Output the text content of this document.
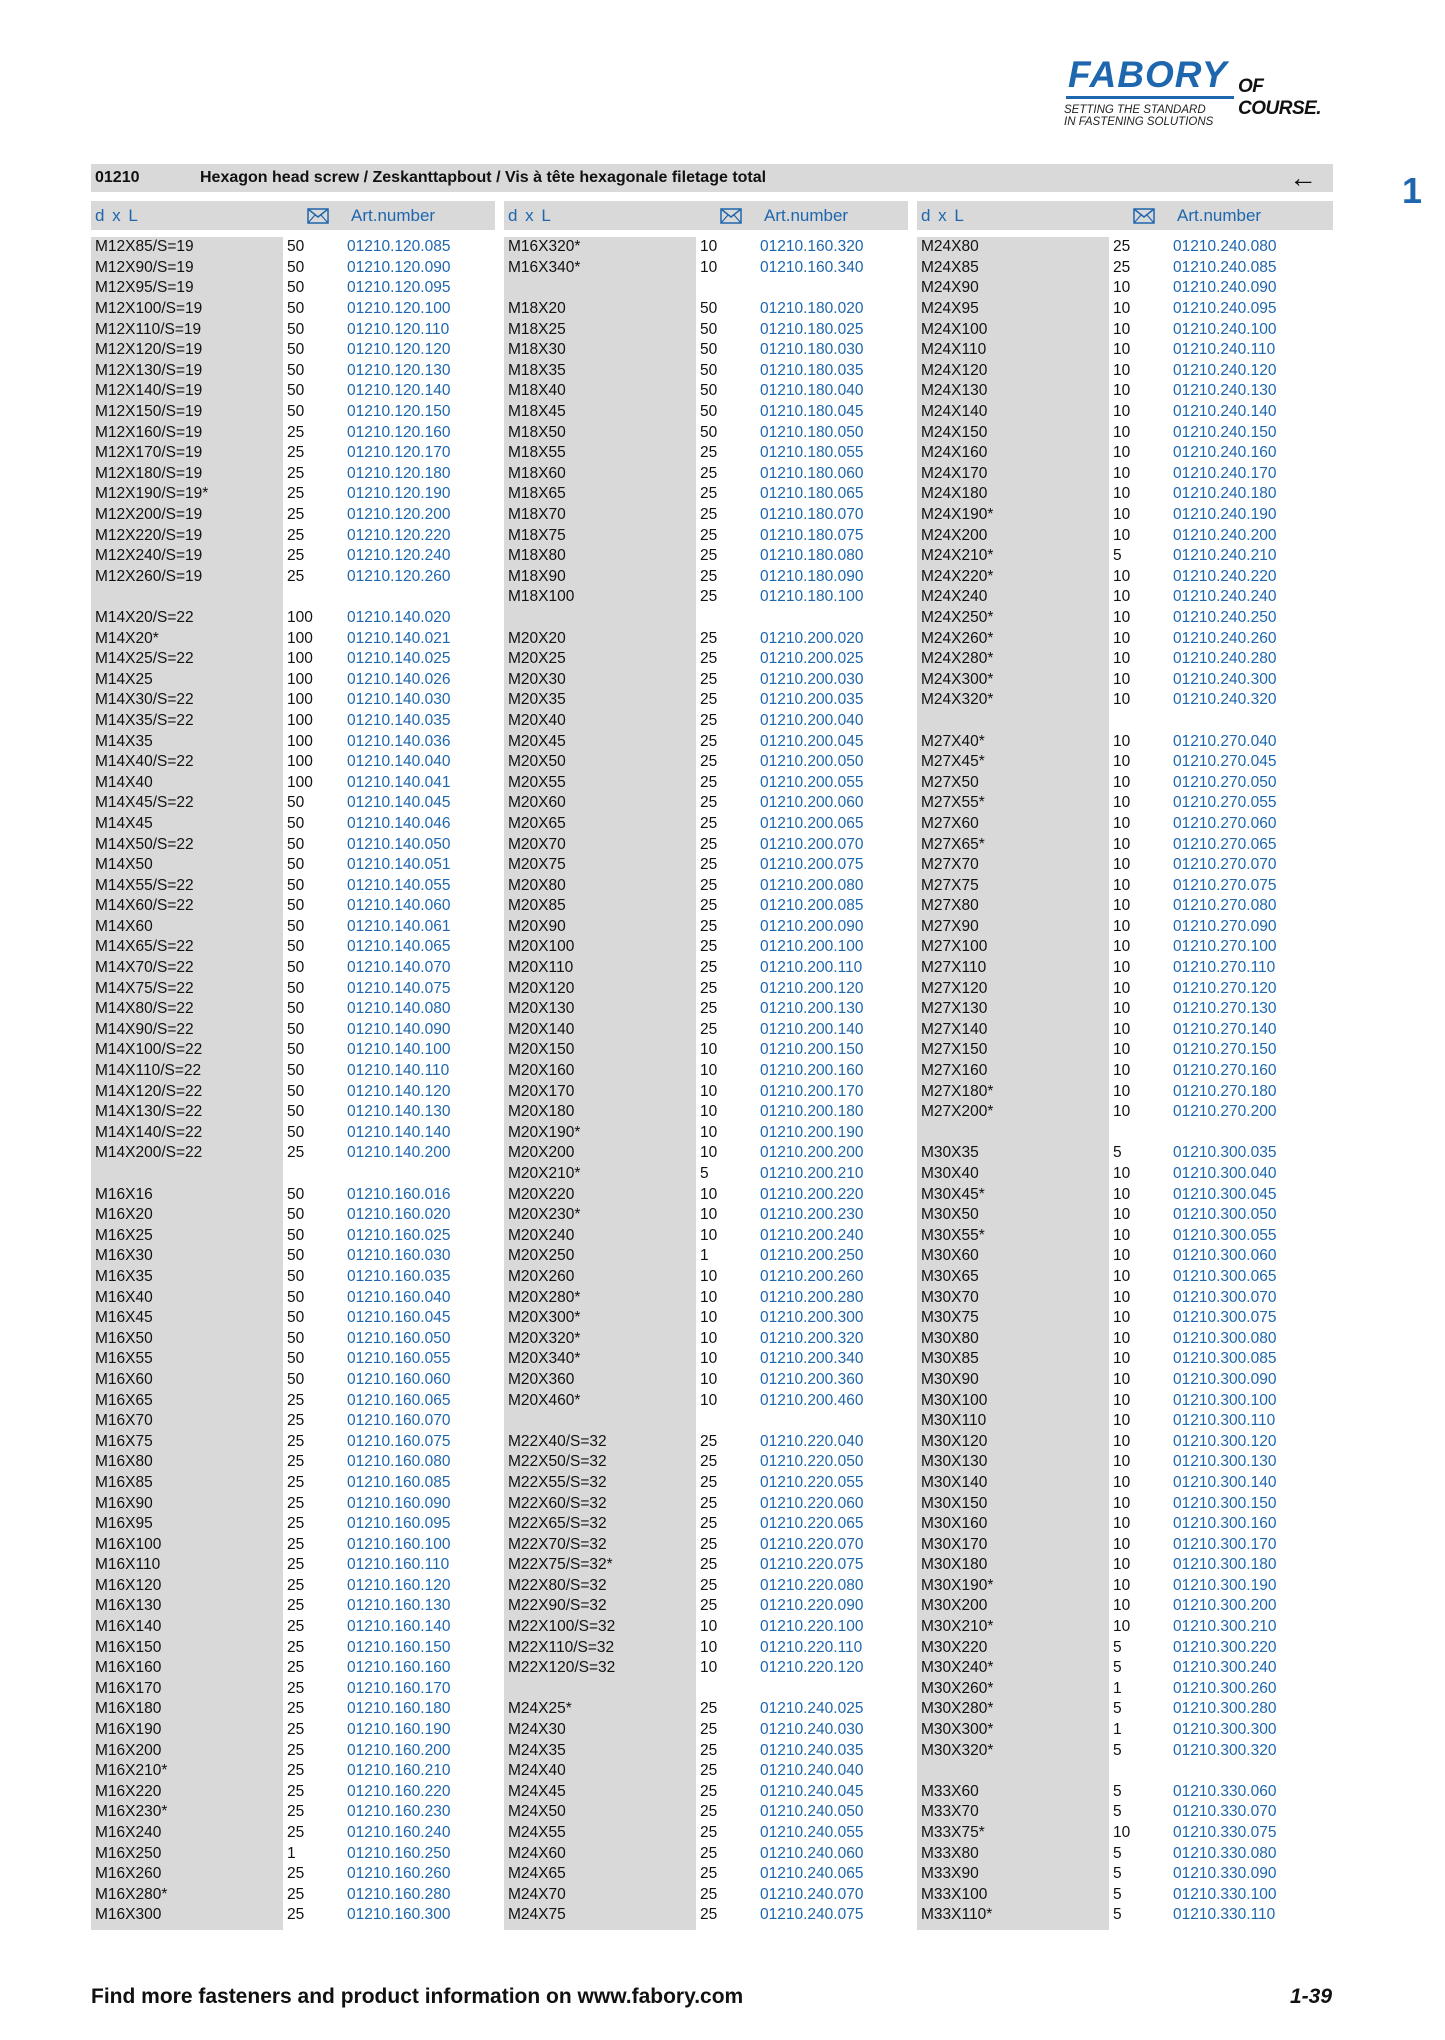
FABORY OF COURSE.
SETTING THE STANDARD
IN FASTENING SOLUTIONS
1
01210	Hexagon head screw / Zeskanttapbout / Vis à tête hexagonale filetage total	←
d x L	Art.number	d x L	Art.number	d x L	Art.number
M12X85/S=19	50	01210.120.085
M12X90/S=19	50	01210.120.090
M12X95/S=19	50	01210.120.095
M12X100/S=19	50	01210.120.100
M12X110/S=19	50	01210.120.110
M12X120/S=19	50	01210.120.120
M12X130/S=19	50	01210.120.130
M12X140/S=19	50	01210.120.140
M12X150/S=19	50	01210.120.150
M12X160/S=19	25	01210.120.160
M12X170/S=19	25	01210.120.170
M12X180/S=19	25	01210.120.180
M12X190/S=19*	25	01210.120.190
M12X200/S=19	25	01210.120.200
M12X220/S=19	25	01210.120.220
M12X240/S=19	25	01210.120.240
M12X260/S=19	25	01210.120.260
M14X20/S=22	100	01210.140.020
M14X20*	100	01210.140.021
M14X25/S=22	100	01210.140.025
M14X25	100	01210.140.026
M14X30/S=22	100	01210.140.030
M14X35/S=22	100	01210.140.035
M14X35	100	01210.140.036
M14X40/S=22	100	01210.140.040
M14X40	100	01210.140.041
M14X45/S=22	50	01210.140.045
M14X45	50	01210.140.046
M14X50/S=22	50	01210.140.050
M14X50	50	01210.140.051
M14X55/S=22	50	01210.140.055
M14X60/S=22	50	01210.140.060
M14X60	50	01210.140.061
M14X65/S=22	50	01210.140.065
M14X70/S=22	50	01210.140.070
M14X75/S=22	50	01210.140.075
M14X80/S=22	50	01210.140.080
M14X90/S=22	50	01210.140.090
M14X100/S=22	50	01210.140.100
M14X110/S=22	50	01210.140.110
M14X120/S=22	50	01210.140.120
M14X130/S=22	50	01210.140.130
M14X140/S=22	50	01210.140.140
M14X200/S=22	25	01210.140.200
M16X16	50	01210.160.016
M16X20	50	01210.160.020
M16X25	50	01210.160.025
M16X30	50	01210.160.030
M16X35	50	01210.160.035
M16X40	50	01210.160.040
M16X45	50	01210.160.045
M16X50	50	01210.160.050
M16X55	50	01210.160.055
M16X60	50	01210.160.060
M16X65	25	01210.160.065
M16X70	25	01210.160.070
M16X75	25	01210.160.075
M16X80	25	01210.160.080
M16X85	25	01210.160.085
M16X90	25	01210.160.090
M16X95	25	01210.160.095
M16X100	25	01210.160.100
M16X110	25	01210.160.110
M16X120	25	01210.160.120
M16X130	25	01210.160.130
M16X140	25	01210.160.140
M16X150	25	01210.160.150
M16X160	25	01210.160.160
M16X170	25	01210.160.170
M16X180	25	01210.160.180
M16X190	25	01210.160.190
M16X200	25	01210.160.200
M16X210*	25	01210.160.210
M16X220	25	01210.160.220
M16X230*	25	01210.160.230
M16X240	25	01210.160.240
M16X250	1	01210.160.250
M16X260	25	01210.160.260
M16X280*	25	01210.160.280
M16X300	25	01210.160.300
M16X320*	10	01210.160.320
M16X340*	10	01210.160.340
M18X20	50	01210.180.020
M18X25	50	01210.180.025
M18X30	50	01210.180.030
M18X35	50	01210.180.035
M18X40	50	01210.180.040
M18X45	50	01210.180.045
M18X50	50	01210.180.050
M18X55	25	01210.180.055
M18X60	25	01210.180.060
M18X65	25	01210.180.065
M18X70	25	01210.180.070
M18X75	25	01210.180.075
M18X80	25	01210.180.080
M18X90	25	01210.180.090
M18X100	25	01210.180.100
M20X20	25	01210.200.020
M20X25	25	01210.200.025
M20X30	25	01210.200.030
M20X35	25	01210.200.035
M20X40	25	01210.200.040
M20X45	25	01210.200.045
M20X50	25	01210.200.050
M20X55	25	01210.200.055
M20X60	25	01210.200.060
M20X65	25	01210.200.065
M20X70	25	01210.200.070
M20X75	25	01210.200.075
M20X80	25	01210.200.080
M20X85	25	01210.200.085
M20X90	25	01210.200.090
M20X100	25	01210.200.100
M20X110	25	01210.200.110
M20X120	25	01210.200.120
M20X130	25	01210.200.130
M20X140	25	01210.200.140
M20X150	10	01210.200.150
M20X160	10	01210.200.160
M20X170	10	01210.200.170
M20X180	10	01210.200.180
M20X190*	10	01210.200.190
M20X200	10	01210.200.200
M20X210*	5	01210.200.210
M20X220	10	01210.200.220
M20X230*	10	01210.200.230
M20X240	10	01210.200.240
M20X250	1	01210.200.250
M20X260	10	01210.200.260
M20X280*	10	01210.200.280
M20X300*	10	01210.200.300
M20X320*	10	01210.200.320
M20X340*	10	01210.200.340
M20X360	10	01210.200.360
M20X460*	10	01210.200.460
M22X40/S=32	25	01210.220.040
M22X50/S=32	25	01210.220.050
M22X55/S=32	25	01210.220.055
M22X60/S=32	25	01210.220.060
M22X65/S=32	25	01210.220.065
M22X70/S=32	25	01210.220.070
M22X75/S=32*	25	01210.220.075
M22X80/S=32	25	01210.220.080
M22X90/S=32	25	01210.220.090
M22X100/S=32	10	01210.220.100
M22X110/S=32	10	01210.220.110
M22X120/S=32	10	01210.220.120
M24X25*	25	01210.240.025
M24X30	25	01210.240.030
M24X35	25	01210.240.035
M24X40	25	01210.240.040
M24X45	25	01210.240.045
M24X50	25	01210.240.050
M24X55	25	01210.240.055
M24X60	25	01210.240.060
M24X65	25	01210.240.065
M24X70	25	01210.240.070
M24X75	25	01210.240.075
M24X80	25	01210.240.080
M24X85	25	01210.240.085
M24X90	10	01210.240.090
M24X95	10	01210.240.095
M24X100	10	01210.240.100
M24X110	10	01210.240.110
M24X120	10	01210.240.120
M24X130	10	01210.240.130
M24X140	10	01210.240.140
M24X150	10	01210.240.150
M24X160	10	01210.240.160
M24X170	10	01210.240.170
M24X180	10	01210.240.180
M24X190*	10	01210.240.190
M24X200	10	01210.240.200
M24X210*	5	01210.240.210
M24X220*	10	01210.240.220
M24X240	10	01210.240.240
M24X250*	10	01210.240.250
M24X260*	10	01210.240.260
M24X280*	10	01210.240.280
M24X300*	10	01210.240.300
M24X320*	10	01210.240.320
M27X40*	10	01210.270.040
M27X45*	10	01210.270.045
M27X50	10	01210.270.050
M27X55*	10	01210.270.055
M27X60	10	01210.270.060
M27X65*	10	01210.270.065
M27X70	10	01210.270.070
M27X75	10	01210.270.075
M27X80	10	01210.270.080
M27X90	10	01210.270.090
M27X100	10	01210.270.100
M27X110	10	01210.270.110
M27X120	10	01210.270.120
M27X130	10	01210.270.130
M27X140	10	01210.270.140
M27X150	10	01210.270.150
M27X160	10	01210.270.160
M27X180*	10	01210.270.180
M27X200*	10	01210.270.200
M30X35	5	01210.300.035
M30X40	10	01210.300.040
M30X45*	10	01210.300.045
M30X50	10	01210.300.050
M30X55*	10	01210.300.055
M30X60	10	01210.300.060
M30X65	10	01210.300.065
M30X70	10	01210.300.070
M30X75	10	01210.300.075
M30X80	10	01210.300.080
M30X85	10	01210.300.085
M30X90	10	01210.300.090
M30X100	10	01210.300.100
M30X110	10	01210.300.110
M30X120	10	01210.300.120
M30X130	10	01210.300.130
M30X140	10	01210.300.140
M30X150	10	01210.300.150
M30X160	10	01210.300.160
M30X170	10	01210.300.170
M30X180	10	01210.300.180
M30X190*	10	01210.300.190
M30X200	10	01210.300.200
M30X210*	10	01210.300.210
M30X220	5	01210.300.220
M30X240*	5	01210.300.240
M30X260*	1	01210.300.260
M30X280*	5	01210.300.280
M30X300*	1	01210.300.300
M30X320*	5	01210.300.320
M33X60	5	01210.330.060
M33X70	5	01210.330.070
M33X75*	10	01210.330.075
M33X80	5	01210.330.080
M33X90	5	01210.330.090
M33X100	5	01210.330.100
M33X110*	5	01210.330.110
Find more fasteners and product information on www.fabory.com	1-39
